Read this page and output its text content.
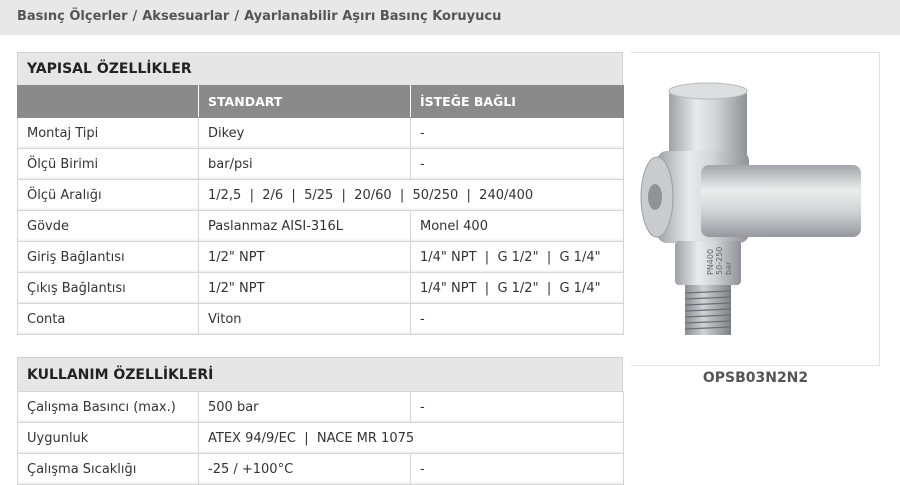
Basınç Ölçerler / Aksesuarlar / Ayarlanabilir Aşırı Basınç Koruyucu
YAPISAL ÖZELLİKLER
	STANDART	İSTEĞE BAĞLI
Montaj Tipi	Dikey	-
Ölçü Birimi	bar/psi	-
Ölçü Aralığı	1/2,5  |  2/6  |  5/25  |  20/60  |  50/250  |  240/400	
Gövde	Paslanmaz AISI-316L	Monel 400
Giriş Bağlantısı	1/2" NPT	1/4" NPT  |  G 1/2"  |  G 1/4"
Çıkış Bağlantısı	1/2" NPT	1/4" NPT  |  G 1/2"  |  G 1/4"
Conta	Viton	-
KULLANIM ÖZELLİKLERİ
Çalışma Basıncı (max.)	500 bar	-
Uygunluk	ATEX 94/9/EC  |  NACE MR 1075	
Çalışma Sıcaklığı	-25 / +100°C	-
PN400 50-250 bar
OPSB03N2N2
